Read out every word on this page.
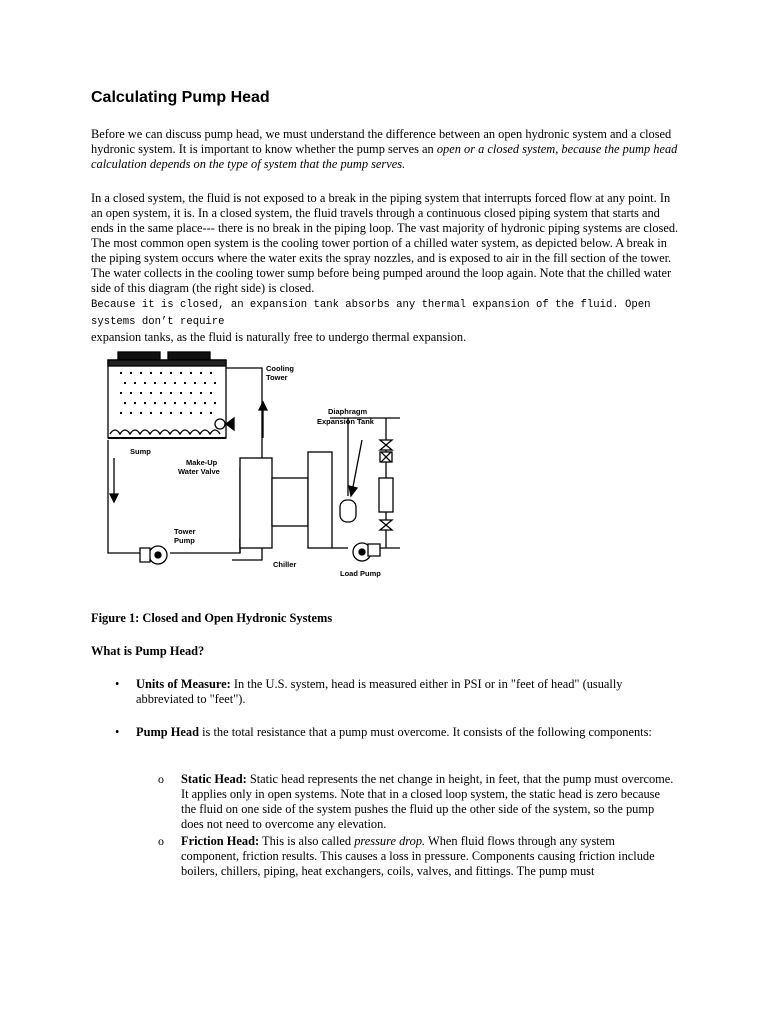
Calculating Pump Head

Before we can discuss pump head, we must understand the difference between an open hydronic system and a closed hydronic system. It is important to know whether the pump serves an open or a closed system, because the pump head calculation depends on the type of system that the pump serves.

In a closed system, the fluid is not exposed to a break in the piping system that interrupts forced flow at any point. In an open system, it is. In a closed system, the fluid travels through a continuous closed piping system that starts and ends in the same place--- there is no break in the piping loop. The vast majority of hydronic piping systems are closed. The most common open system is the cooling tower portion of a chilled water system, as depicted below. A break in the piping system occurs where the water exits the spray nozzles, and is exposed to air in the fill section of the tower. The water collects in the cooling tower sump before being pumped around the loop again. Note that the chilled water side of this diagram (the right side) is closed.
Because it is closed, an expansion tank absorbs any thermal expansion of the fluid. Open systems don’t require
expansion tanks, as the fluid is naturally free to undergo thermal expansion.

Cooling
Tower
Diaphragm
Expansion Tank
Sump
Make-Up
Water Valve
Tower
Pump
Chiller
Load Pump

Figure 1: Closed and Open Hydronic Systems

What is Pump Head?

• Units of Measure: In the U.S. system, head is measured either in PSI or in "feet of head" (usually abbreviated to "feet").

• Pump Head is the total resistance that a pump must overcome. It consists of the following components:

o Static Head: Static head represents the net change in height, in feet, that the pump must overcome. It applies only in open systems. Note that in a closed loop system, the static head is zero because the fluid on one side of the system pushes the fluid up the other side of the system, so the pump does not need to overcome any elevation.

o Friction Head: This is also called pressure drop. When fluid flows through any system component, friction results. This causes a loss in pressure. Components causing friction include boilers, chillers, piping, heat exchangers, coils, valves, and fittings. The pump must
